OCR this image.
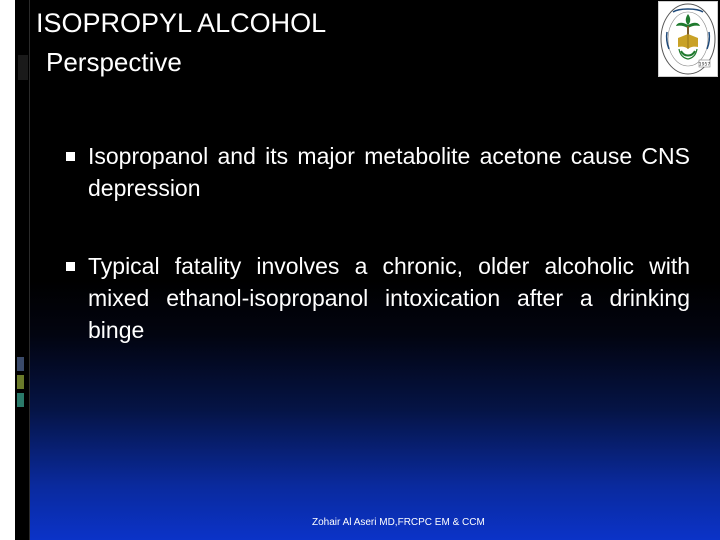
ISOPROPYL ALCOHOL
Perspective	1957
Isopropanol and its major metabolite acetone cause CNS depression
Typical fatality involves a chronic, older alcoholic with mixed ethanol-isopropanol intoxication after a drinking binge
Zohair Al Aseri MD,FRCPC EM & CCM
